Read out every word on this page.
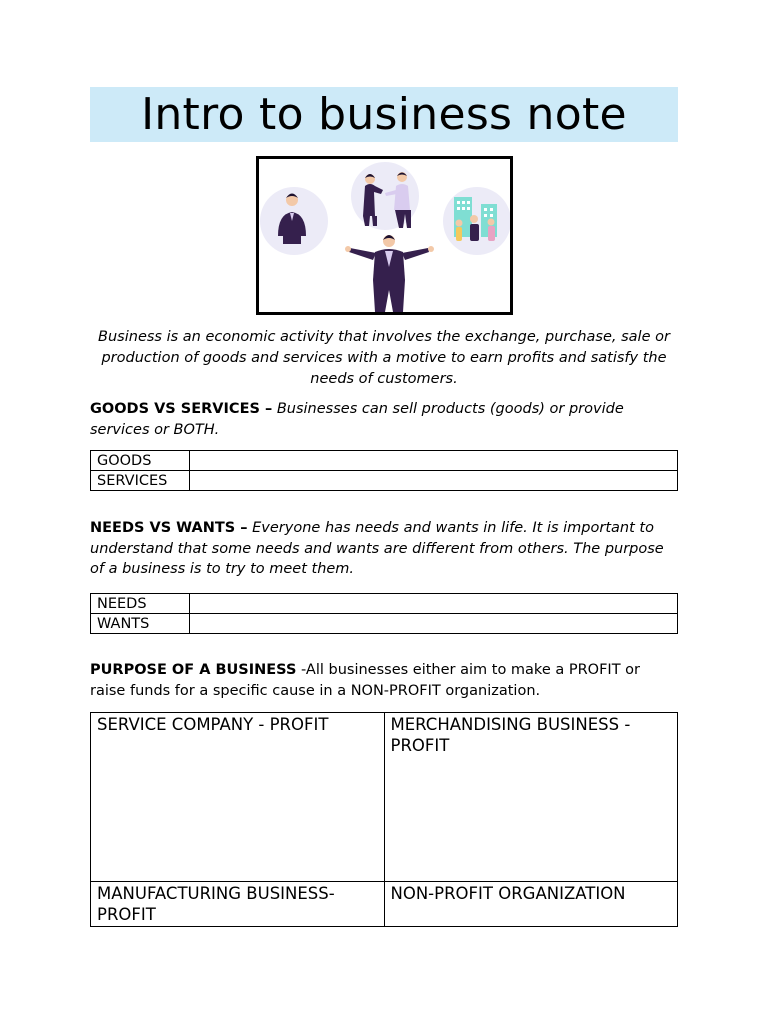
Intro to business note

Business is an economic activity that involves the exchange, purchase, sale or production of goods and services with a motive to earn profits and satisfy the needs of customers.

GOODS VS SERVICES – Businesses can sell products (goods) or provide services or BOTH.

GOODS	
SERVICES	

NEEDS VS WANTS – Everyone has needs and wants in life. It is important to understand that some needs and wants are different from others. The purpose of a business is to try to meet them.

NEEDS	
WANTS	

PURPOSE OF A BUSINESS -All businesses either aim to make a PROFIT or raise funds for a specific cause in a NON-PROFIT organization.

SERVICE COMPANY - PROFIT	MERCHANDISING BUSINESS - PROFIT
MANUFACTURING BUSINESS- PROFIT	NON-PROFIT ORGANIZATION
